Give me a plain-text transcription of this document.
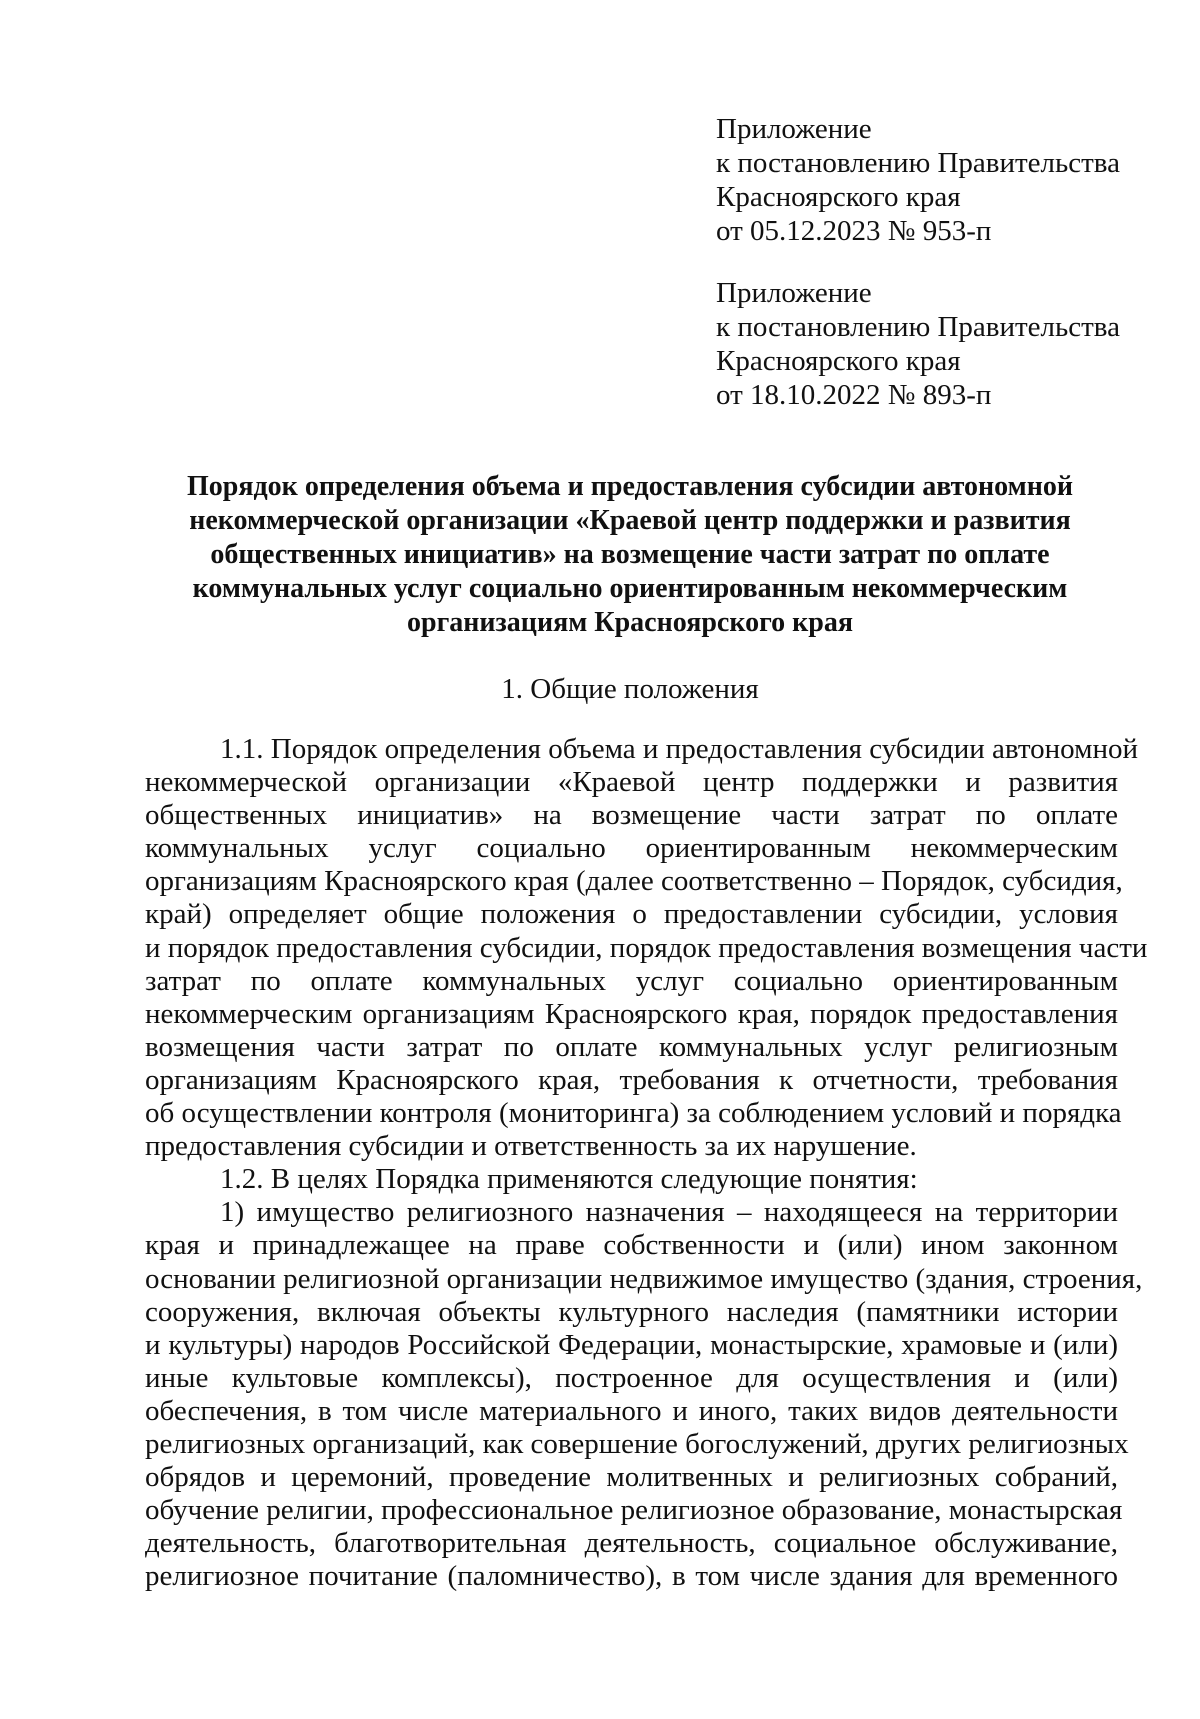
Приложение
к постановлению Правительства
Красноярского края
от 05.12.2023 № 953-п
Приложение
к постановлению Правительства
Красноярского края
от 18.10.2022 № 893-п
Порядок определения объема и предоставления субсидии автономной
некоммерческой организации «Краевой центр поддержки и развития
общественных инициатив» на возмещение части затрат по оплате
коммунальных услуг социально ориентированным некоммерческим
организациям Красноярского края
1. Общие положения
1.1. Порядок определения объема и предоставления субсидии автономной
некоммерческой организации «Краевой центр поддержки и развития
общественных инициатив» на возмещение части затрат по оплате
коммунальных услуг социально ориентированным некоммерческим
организациям Красноярского края (далее соответственно – Порядок, субсидия,
край) определяет общие положения о предоставлении субсидии, условия
и порядок предоставления субсидии, порядок предоставления возмещения части
затрат по оплате коммунальных услуг социально ориентированным
некоммерческим организациям Красноярского края, порядок предоставления
возмещения части затрат по оплате коммунальных услуг религиозным
организациям Красноярского края, требования к отчетности, требования
об осуществлении контроля (мониторинга) за соблюдением условий и порядка
предоставления субсидии и ответственность за их нарушение.
1.2. В целях Порядка применяются следующие понятия:
1) имущество религиозного назначения – находящееся на территории
края и принадлежащее на праве собственности и (или) ином законном
основании религиозной организации недвижимое имущество (здания, строения,
сооружения, включая объекты культурного наследия (памятники истории
и культуры) народов Российской Федерации, монастырские, храмовые и (или)
иные культовые комплексы), построенное для осуществления и (или)
обеспечения, в том числе материального и иного, таких видов деятельности
религиозных организаций, как совершение богослужений, других религиозных
обрядов и церемоний, проведение молитвенных и религиозных собраний,
обучение религии, профессиональное религиозное образование, монастырская
деятельность, благотворительная деятельность, социальное обслуживание,
религиозное почитание (паломничество), в том числе здания для временного
